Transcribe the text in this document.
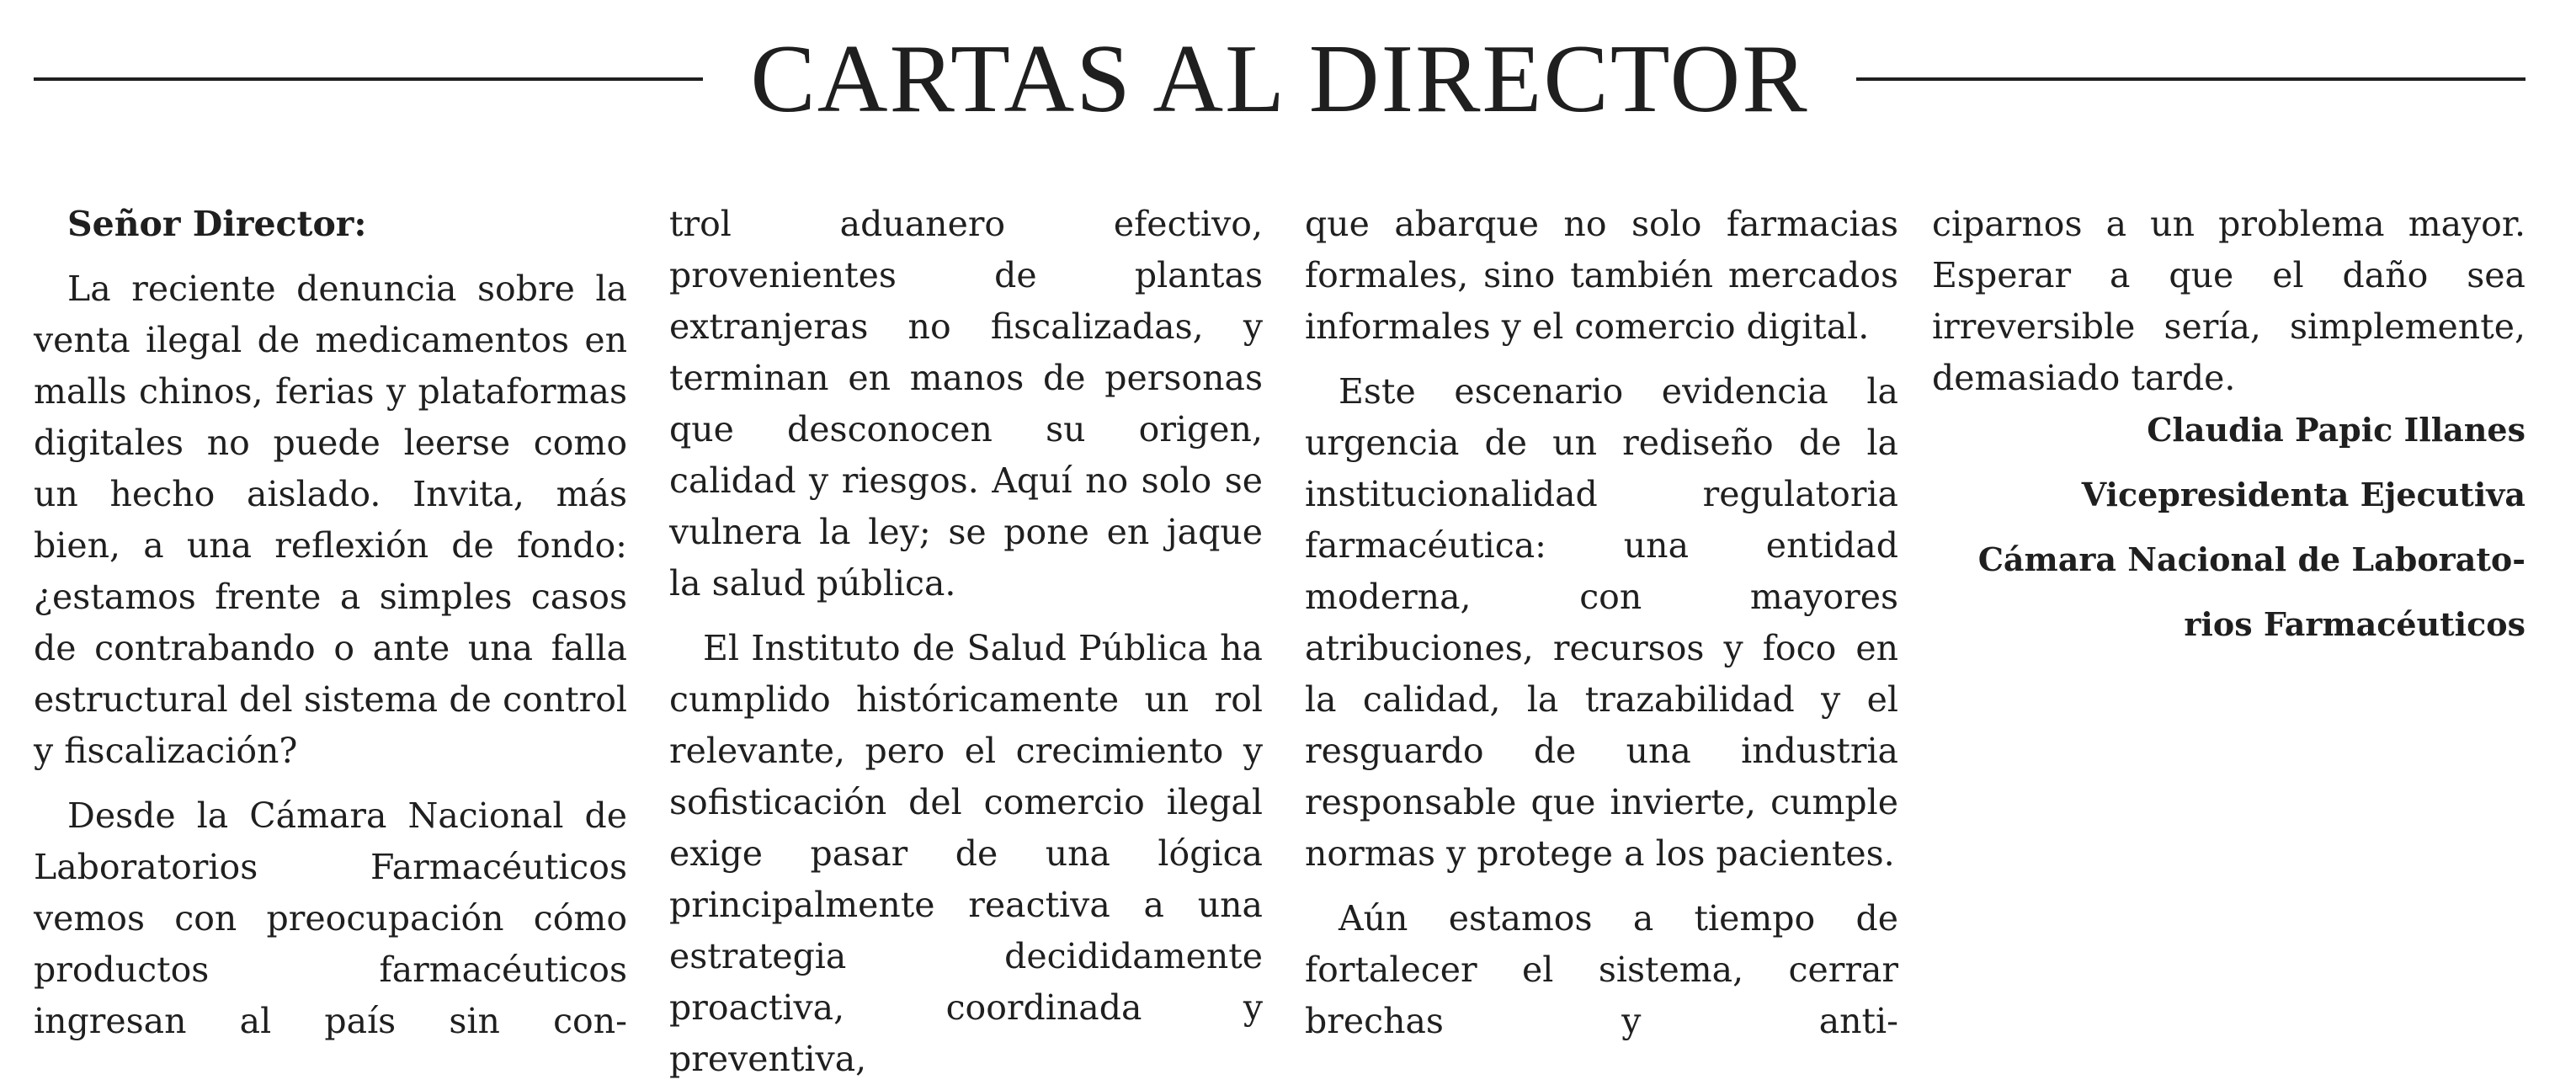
CARTAS AL DIRECTOR

Señor Director:

La reciente denuncia sobre la venta ilegal de medicamentos en malls chinos, ferias y plataformas digitales no puede leerse como un hecho aislado. Invita, más bien, a una reflexión de fondo: ¿estamos frente a simples casos de contrabando o ante una falla estructural del sistema de control y fiscalización?

Desde la Cámara Nacional de Laboratorios Farmacéuticos vemos con preocupación cómo productos farmacéuticos ingresan al país sin con-

trol aduanero efectivo, provenientes de plantas extranjeras no fiscalizadas, y terminan en manos de personas que desconocen su origen, calidad y riesgos. Aquí no solo se vulnera la ley; se pone en jaque la salud pública.

El Instituto de Salud Pública ha cumplido históricamente un rol relevante, pero el crecimiento y sofisticación del comercio ilegal exige pasar de una lógica principalmente reactiva a una estrategia decididamente proactiva, coordinada y preventiva,

que abarque no solo farmacias formales, sino también mercados informales y el comercio digital.

Este escenario evidencia la urgencia de un rediseño de la institucionalidad regulatoria farmacéutica: una entidad moderna, con mayores atribuciones, recursos y foco en la calidad, la trazabilidad y el resguardo de una industria responsable que invierte, cumple normas y protege a los pacientes.

Aún estamos a tiempo de fortalecer el sistema, cerrar brechas y anti-

ciparnos a un problema mayor. Esperar a que el daño sea irreversible sería, simplemente, demasiado tarde.

Claudia Papic Illanes

Vicepresidenta Ejecutiva

Cámara Nacional de Laborato-

rios Farmacéuticos
